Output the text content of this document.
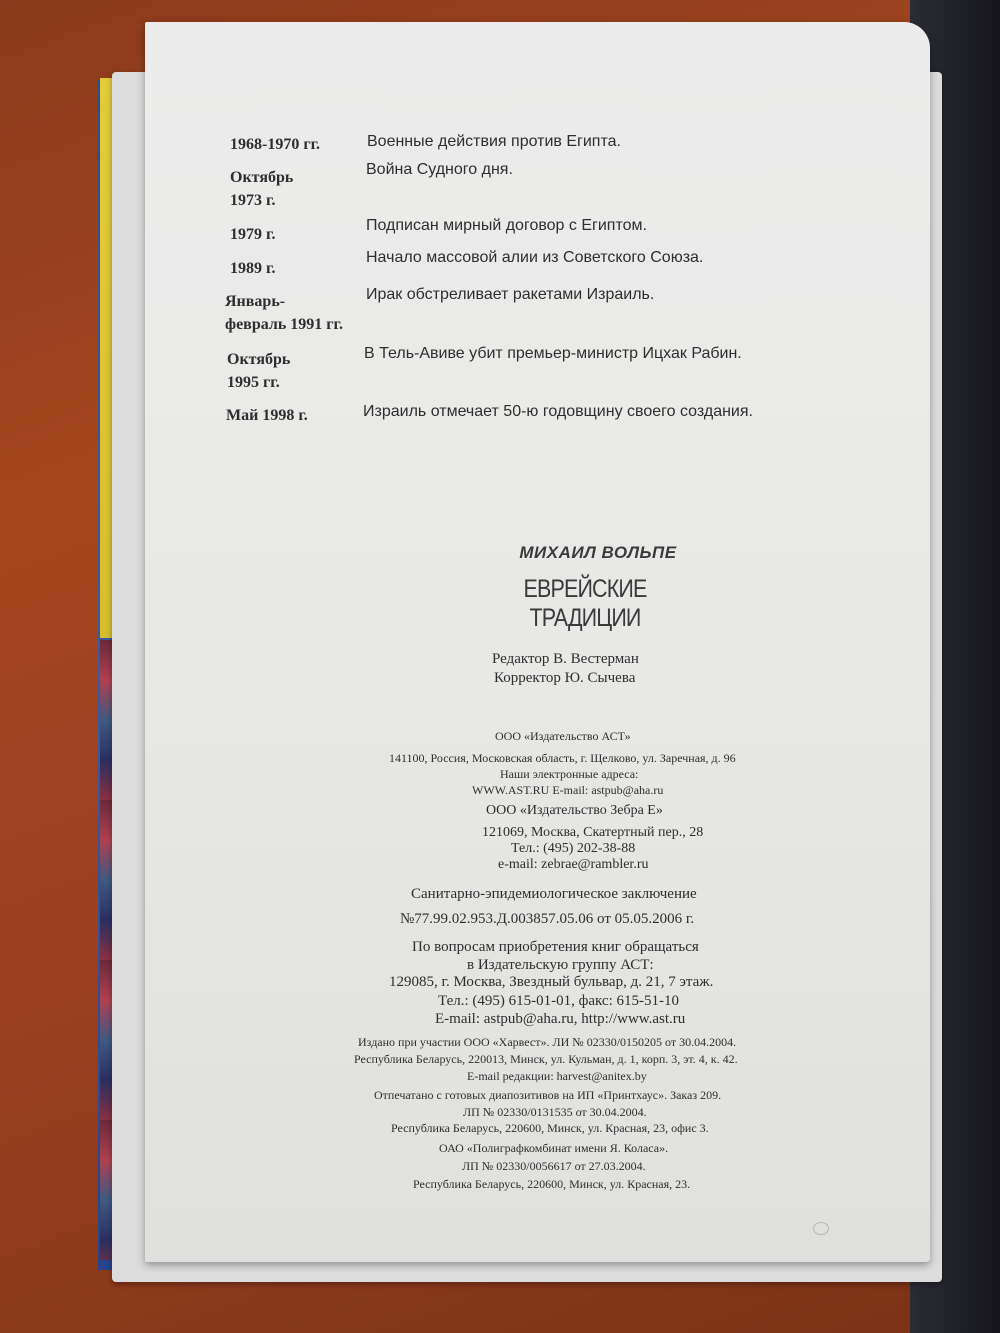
1968-1970 гг.	Военные действия против Египта.
Октябрь
1973 г.
Война Судного дня.
1979 г.
Подписан мирный договор с Египтом.
1989 г.
Начало массовой алии из Советского Союза.
Январь-
февраль 1991 гг.
Ирак обстреливает ракетами Израиль.
Октябрь
1995 гг.
В Тель-Авиве убит премьер-министр Ицхак Рабин.
Май 1998 г.	Израиль отмечает 50-ю годовщину своего создания.
МИХАИЛ ВОЛЬПЕ
ЕВРЕЙСКИЕ ТРАДИЦИИ
Редактор В. Вестерман
Корректор Ю. Сычева
ООО «Издательство АСТ»
141100, Россия, Московская область, г. Щелково, ул. Заречная, д. 96
Наши электронные адреса:
WWW.AST.RU E-mail: astpub@aha.ru
ООО «Издательство Зебра Е»
121069, Москва, Скатертный пер., 28
Тел.: (495) 202-38-88
e-mail: zebrae@rambler.ru
Санитарно-эпидемиологическое заключение
№77.99.02.953.Д.003857.05.06 от 05.05.2006 г.
По вопросам приобретения книг обращаться
в Издательскую группу АСТ:
129085, г. Москва, Звездный бульвар, д. 21, 7 этаж.
Тел.: (495) 615-01-01, факс: 615-51-10
E-mail: astpub@aha.ru, http://www.ast.ru
Издано при участии ООО «Харвест». ЛИ № 02330/0150205 от 30.04.2004.
Республика Беларусь, 220013, Минск, ул. Кульман, д. 1, корп. 3, эт. 4, к. 42.
E-mail редакции: harvest@anitex.by
Отпечатано с готовых диапозитивов на ИП «Принтхаус». Заказ 209.
ЛП № 02330/0131535 от 30.04.2004.
Республика Беларусь, 220600, Минск, ул. Красная, 23, офис 3.
ОАО «Полиграфкомбинат имени Я. Коласа».
ЛП № 02330/0056617 от 27.03.2004.
Республика Беларусь, 220600, Минск, ул. Красная, 23.
